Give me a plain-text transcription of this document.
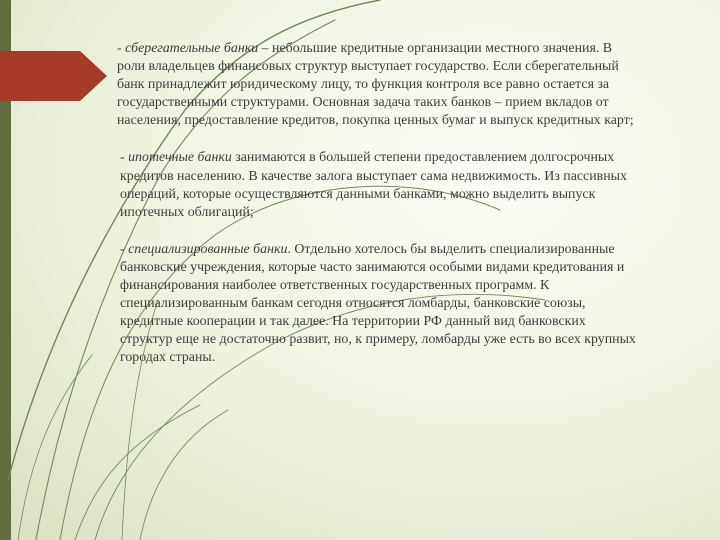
- сберегательные банки – небольшие кредитные организации местного значения. В роли владельцев финансовых структур выступает государство. Если сберегательный банк принадлежит юридическому лицу, то функция контроля все равно остается за государственными структурами. Основная задача таких банков – прием вкладов от населения, предоставление кредитов, покупка ценных бумаг и выпуск кредитных карт;

- ипотечные банки занимаются в большей степени предоставлением долгосрочных кредитов населению. В качестве залога выступает сама недвижимость. Из пассивных операций, которые осуществляются данными банками, можно выделить выпуск ипотечных облигаций;

- специализированные банки. Отдельно хотелось бы выделить специализированные банковские учреждения, которые часто занимаются особыми видами кредитования и финансирования наиболее ответственных государственных программ. К специализированным банкам сегодня относятся ломбарды, банковские союзы, кредитные кооперации и так далее. На территории РФ данный вид банковских структур еще не достаточно развит, но, к примеру, ломбарды уже есть во всех крупных городах страны.
